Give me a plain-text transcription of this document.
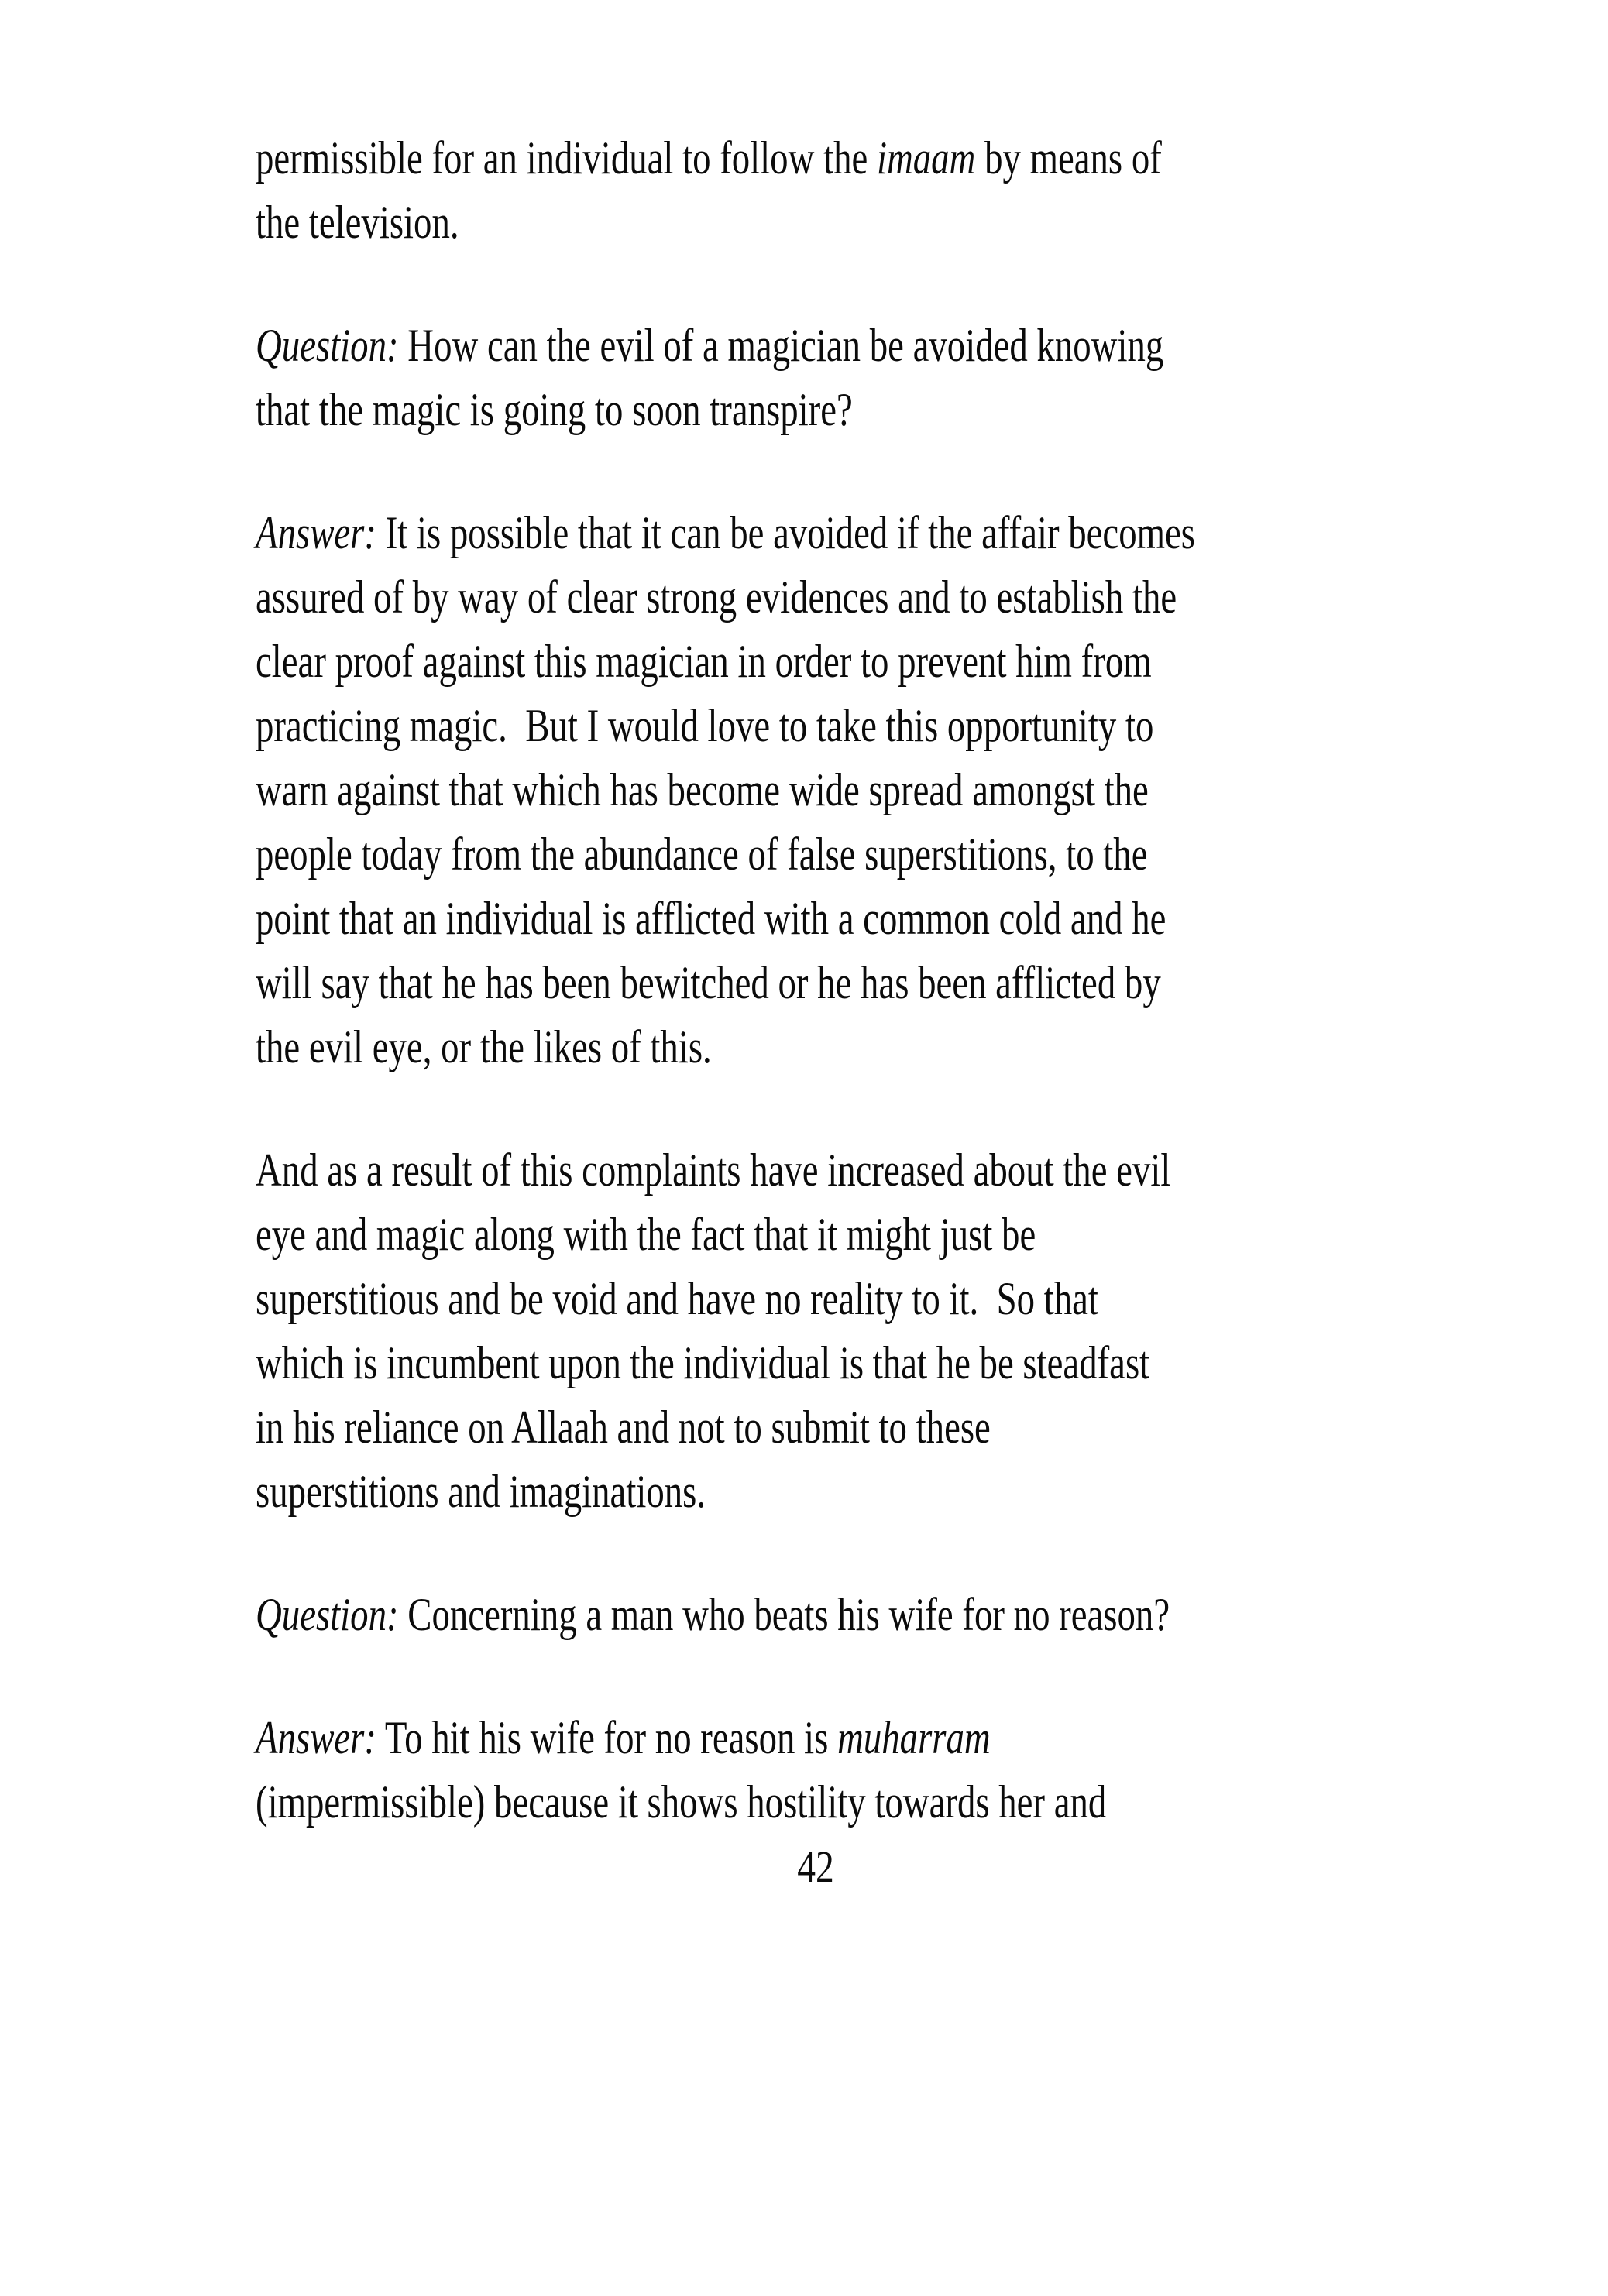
permissible for an individual to follow the imaam by means of
the television.
Question: How can the evil of a magician be avoided knowing
that the magic is going to soon transpire?
Answer: It is possible that it can be avoided if the affair becomes
assured of by way of clear strong evidences and to establish the
clear proof against this magician in order to prevent him from
practicing magic.  But I would love to take this opportunity to
warn against that which has become wide spread amongst the
people today from the abundance of false superstitions, to the
point that an individual is afflicted with a common cold and he
will say that he has been bewitched or he has been afflicted by
the evil eye, or the likes of this.
And as a result of this complaints have increased about the evil
eye and magic along with the fact that it might just be
superstitious and be void and have no reality to it.  So that
which is incumbent upon the individual is that he be steadfast
in his reliance on Allaah and not to submit to these
superstitions and imaginations.
Question: Concerning a man who beats his wife for no reason?
Answer: To hit his wife for no reason is muharram
(impermissible) because it shows hostility towards her and
42
